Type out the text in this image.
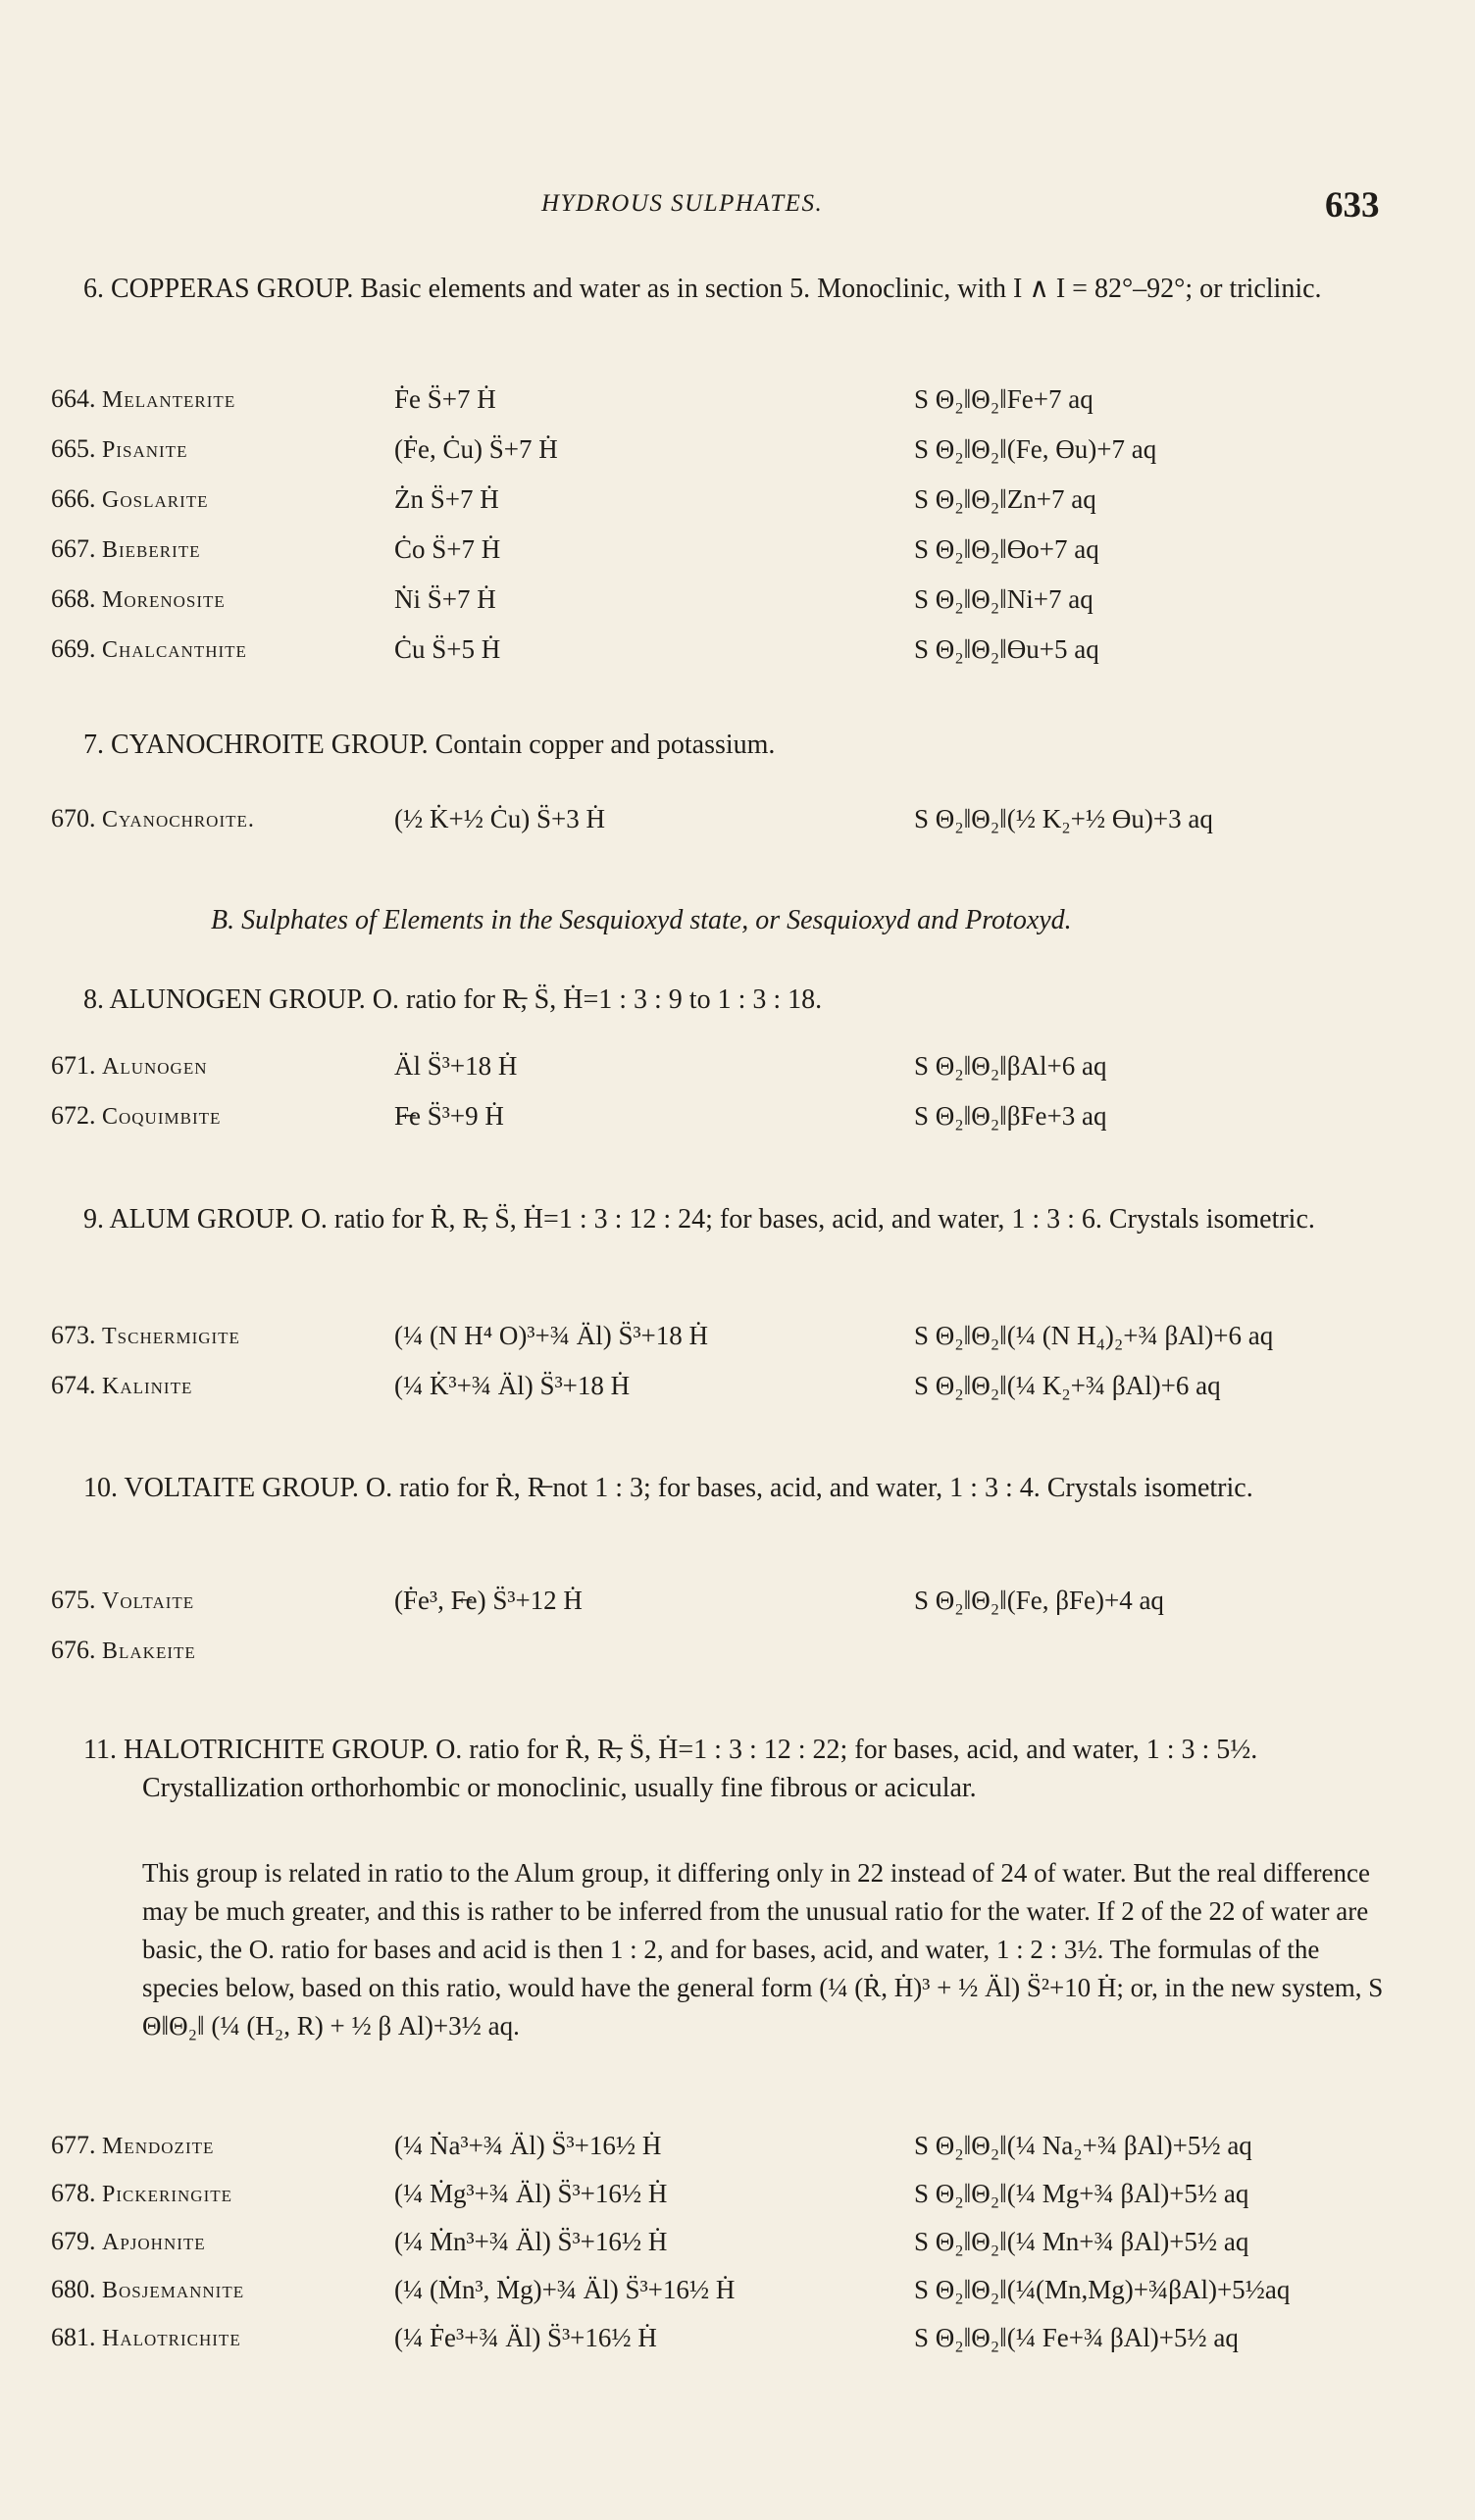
HYDROUS SULPHATES.	633
6. COPPERAS GROUP. Basic elements and water as in section 5. Monoclinic, with I ∧ I = 82°–92°; or triclinic.
664. Melanterite	Ḟe S̈+7 Ḣ	S Θ₂‖Θ₂‖Fe+7 aq
665. Pisanite	(Ḟe, Ċu) S̈+7 Ḣ	S Θ₂‖Θ₂‖(Fe, Ɵu)+7 aq
666. Goslarite	Żn S̈+7 Ḣ	S Θ₂‖Θ₂‖Zn+7 aq
667. Bieberite	Ċo S̈+7 Ḣ	S Θ₂‖Θ₂‖Ɵo+7 aq
668. Morenosite	Ṅi S̈+7 Ḣ	S Θ₂‖Θ₂‖Ni+7 aq
669. Chalcanthite	Ċu S̈+5 Ḣ	S Θ₂‖Θ₂‖Ɵu+5 aq
7. CYANOCHROITE GROUP. Contain copper and potassium.
670. Cyanochroite.	(½ K̇+½ Ċu) S̈+3 Ḣ	S Θ₂‖Θ₂‖(½ K₂+½ Ɵu)+3 aq
B. Sulphates of Elements in the Sesquioxyd state, or Sesquioxyd and Protoxyd.
8. ALUNOGEN GROUP. O. ratio for R̶, S̈, Ḣ=1 : 3 : 9 to 1 : 3 : 18.
671. Alunogen	Äl S̈³+18 Ḣ	S Θ₂‖Θ₂‖βAl+6 aq
672. Coquimbite	F̶e S̈³+9 Ḣ	S Θ₂‖Θ₂‖βFe+3 aq
9. ALUM GROUP. O. ratio for Ṙ, R̶, S̈, Ḣ=1 : 3 : 12 : 24; for bases, acid, and water, 1 : 3 : 6. Crystals isometric.
673. Tschermigite	(¼ (N H⁴ O)³+¾ Äl) S̈³+18 Ḣ	S Θ₂‖Θ₂‖(¼ (N H₄)₂+¾ βAl)+6 aq
674. Kalinite	(¼ K̇³+¾ Äl) S̈³+18 Ḣ	S Θ₂‖Θ₂‖(¼ K₂+¾ βAl)+6 aq
10. VOLTAITE GROUP. O. ratio for Ṙ, R̶ not 1 : 3; for bases, acid, and water, 1 : 3 : 4. Crystals isometric.
675. Voltaite	(Ḟe³, F̶e) S̈³+12 Ḣ	S Θ₂‖Θ₂‖(Fe, βFe)+4 aq
676. Blakeite
11. HALOTRICHITE GROUP. O. ratio for Ṙ, R̶, S̈, Ḣ=1 : 3 : 12 : 22; for bases, acid, and water, 1 : 3 : 5½. Crystallization orthorhombic or monoclinic, usually fine fibrous or acicular.
This group is related in ratio to the Alum group, it differing only in 22 instead of 24 of water. But the real difference may be much greater, and this is rather to be inferred from the unusual ratio for the water. If 2 of the 22 of water are basic, the O. ratio for bases and acid is then 1 : 2, and for bases, acid, and water, 1 : 2 : 3½. The formulas of the species below, based on this ratio, would have the general form (¼ (Ṙ, Ḣ)³ + ½ Äl) S̈²+10 Ḣ; or, in the new system, S Θ‖Θ₂‖ (¼ (H₂, R) + ½ β Al)+3½ aq.
677. Mendozite	(¼ Ṅa³+¾ Äl) S̈³+16½ Ḣ	S Θ₂‖Θ₂‖(¼ Na₂+¾ βAl)+5½ aq
678. Pickeringite	(¼ Ṁg³+¾ Äl) S̈³+16½ Ḣ	S Θ₂‖Θ₂‖(¼ Mg+¾ βAl)+5½ aq
679. Apjohnite	(¼ Ṁn³+¾ Äl) S̈³+16½ Ḣ	S Θ₂‖Θ₂‖(¼ Mn+¾ βAl)+5½ aq
680. Bosjemannite	(¼ (Ṁn³, Ṁg)+¾ Äl) S̈³+16½ Ḣ	S Θ₂‖Θ₂‖(¼(Mn,Mg)+¾βAl)+5½aq
681. Halotrichite	(¼ Ḟe³+¾ Äl) S̈³+16½ Ḣ	S Θ₂‖Θ₂‖(¼ Fe+¾ βAl)+5½ aq
